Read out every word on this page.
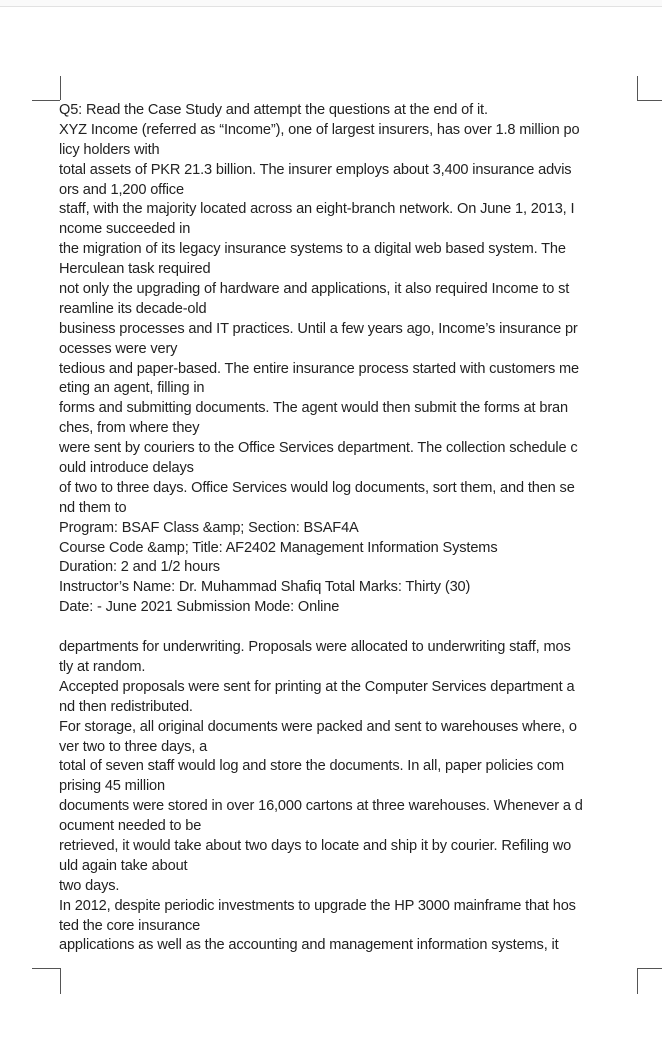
Q5: Read the Case Study and attempt the questions at the end of it.
XYZ Income (referred as “Income”), one of largest insurers, has over 1.8 million po
licy holders with
total assets of PKR 21.3 billion. The insurer employs about 3,400 insurance advis
ors and 1,200 office
staff, with the majority located across an eight-branch network. On June 1, 2013, I
ncome succeeded in
the migration of its legacy insurance systems to a digital web based system. The
Herculean task required
not only the upgrading of hardware and applications, it also required Income to st
reamline its decade-old
business processes and IT practices. Until a few years ago, Income’s insurance pr
ocesses were very
tedious and paper-based. The entire insurance process started with customers me
eting an agent, filling in
forms and submitting documents. The agent would then submit the forms at bran
ches, from where they
were sent by couriers to the Office Services department. The collection schedule c
ould introduce delays
of two to three days. Office Services would log documents, sort them, and then se
nd them to
Program: BSAF Class &amp; Section: BSAF4A
Course Code &amp; Title: AF2402 Management Information Systems
Duration: 2 and 1/2 hours
Instructor’s Name: Dr. Muhammad Shafiq Total Marks: Thirty (30)
Date: - June 2021 Submission Mode: Online
departments for underwriting. Proposals were allocated to underwriting staff, mos
tly at random.
Accepted proposals were sent for printing at the Computer Services department a
nd then redistributed.
For storage, all original documents were packed and sent to warehouses where, o
ver two to three days, a
total of seven staff would log and store the documents. In all, paper policies com
prising 45 million
documents were stored in over 16,000 cartons at three warehouses. Whenever a d
ocument needed to be
retrieved, it would take about two days to locate and ship it by courier. Refiling wo
uld again take about
two days.
In 2012, despite periodic investments to upgrade the HP 3000 mainframe that hos
ted the core insurance
applications as well as the accounting and management information systems, it
